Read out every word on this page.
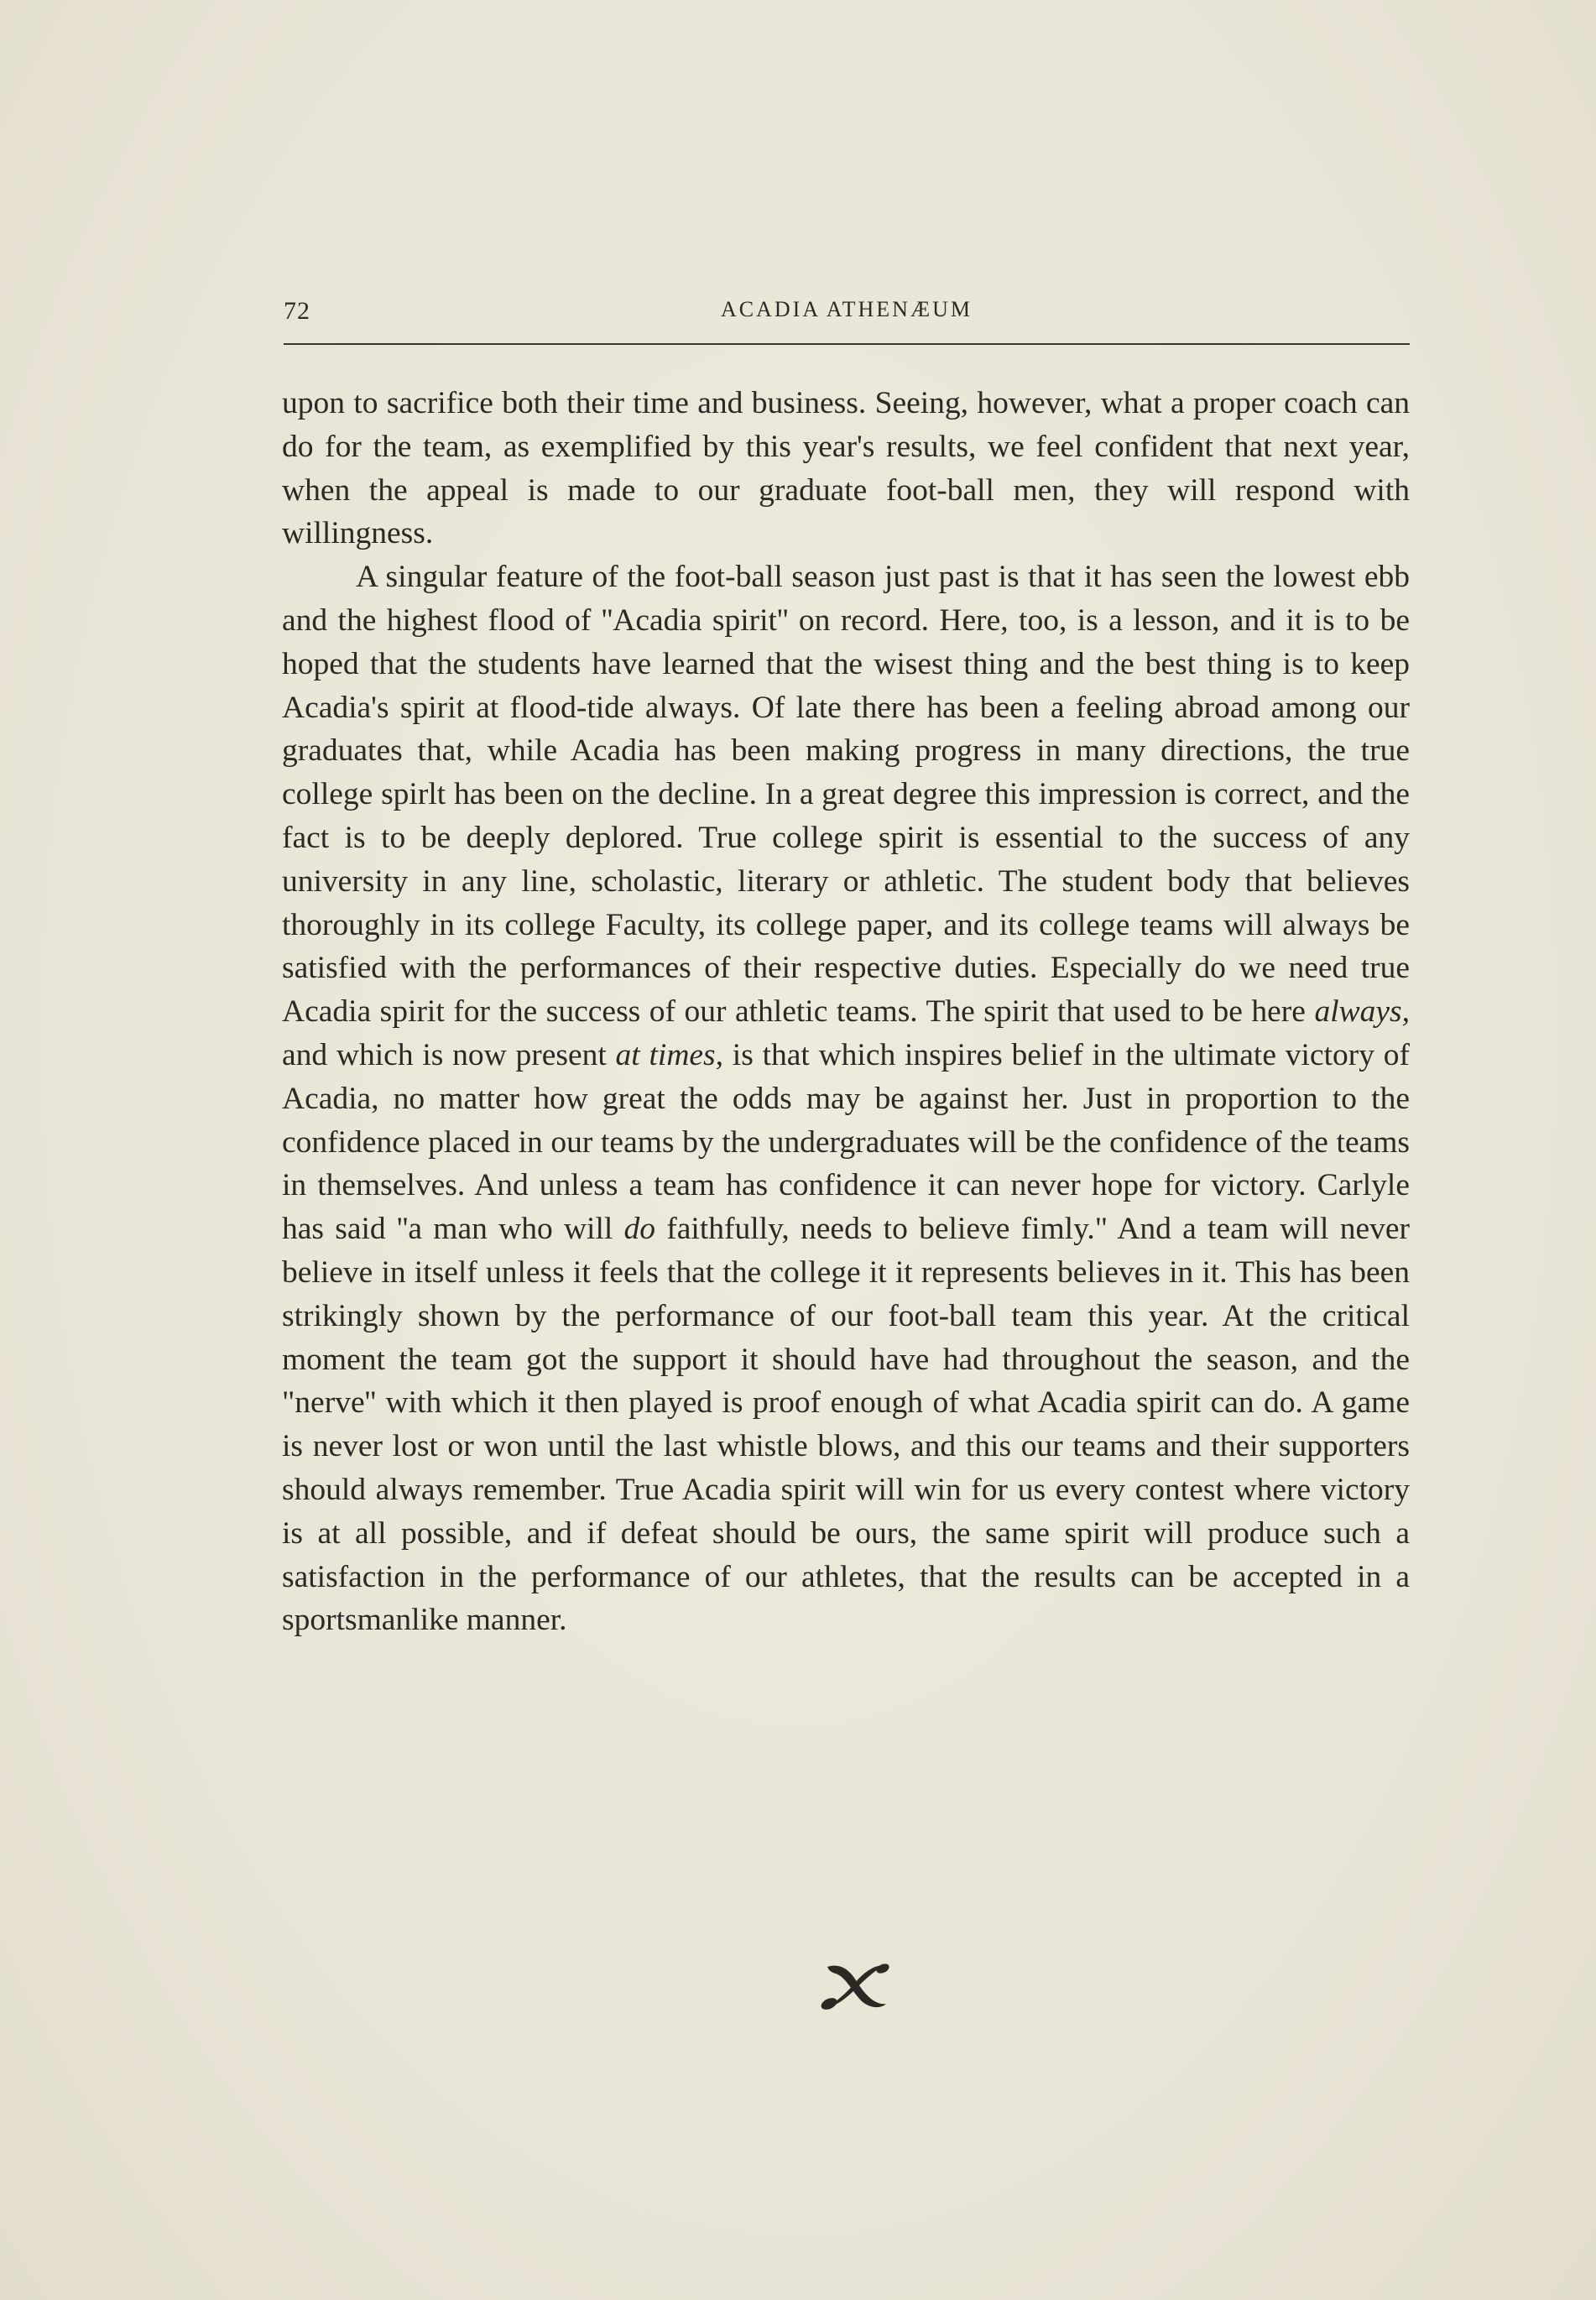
72	ACADIA ATHENÆUM

upon to sacrifice both their time and business. Seeing, however, what a proper coach can do for the team, as exemplified by this year's results, we feel confident that next year, when the appeal is made to our graduate foot-ball men, they will respond with willingness.

A singular feature of the foot-ball season just past is that it has seen the lowest ebb and the highest flood of ''Acadia spirit'' on record. Here, too, is a lesson, and it is to be hoped that the students have learned that the wisest thing and the best thing is to keep Acadia's spirit at flood-tide always. Of late there has been a feeling abroad among our graduates that, while Acadia has been making progress in many directions, the true college spirlt has been on the decline. In a great degree this impression is correct, and the fact is to be deeply deplored. True college spirit is essential to the success of any university in any line, scholastic, literary or athletic. The student body that believes thoroughly in its college Faculty, its college paper, and its college teams will always be satisfied with the performances of their respective duties. Especially do we need true Acadia spirit for the success of our athletic teams. The spirit that used to be here always, and which is now present at times, is that which inspires belief in the ultimate victory of Acadia, no matter how great the odds may be against her. Just in proportion to the confidence placed in our teams by the undergraduates will be the confidence of the teams in themselves. And unless a team has confidence it can never hope for victory. Carlyle has said ''a man who will do faithfully, needs to believe fimly." And a team will never believe in itself unless it feels that the college it it represents believes in it. This has been strikingly shown by the performance of our foot-ball team this year. At the critical moment the team got the support it should have had throughout the season, and the "nerve'' with which it then played is proof enough of what Acadia spirit can do. A game is never lost or won until the last whistle blows, and this our teams and their supporters should always remember. True Acadia spirit will win for us every contest where victory is at all possible, and if defeat should be ours, the same spirit will produce such a satisfaction in the performance of our athletes, that the results can be accepted in a sportsmanlike manner.
